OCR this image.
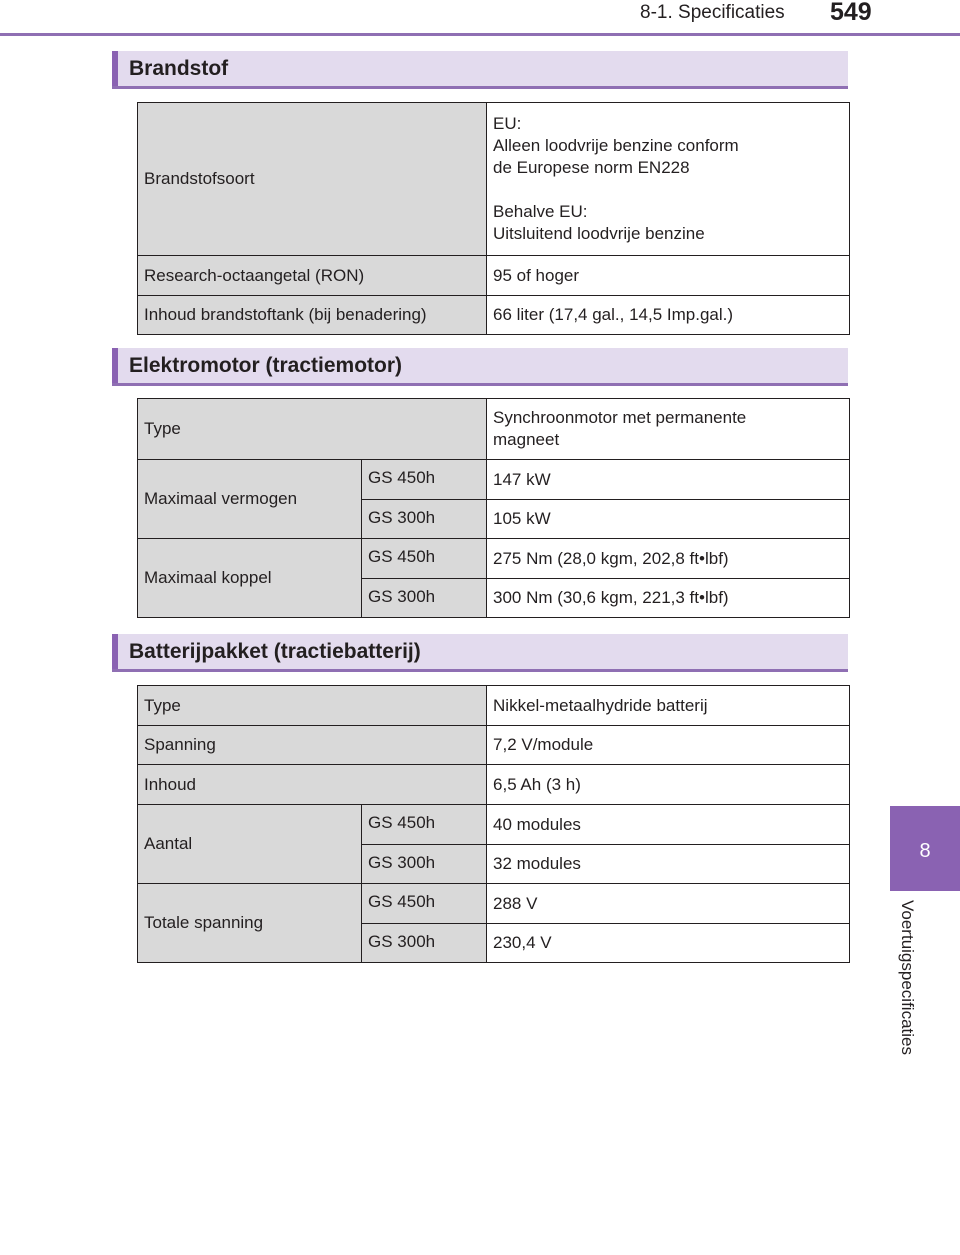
8-1. Specificaties 549
8
Voertuigspecificaties
Brandstof
Brandstofsoort	EU:
Alleen loodvrije benzine conform
de Europese norm EN228
Behalve EU:
Uitsluitend loodvrije benzine

Research-octaangetal (RON)	95 of hoger
Inhoud brandstoftank (bij benadering)	66 liter (17,4 gal., 14,5 Imp.gal.)
Elektromotor (tractiemotor)
Type		Synchroonmotor met permanente
magneet

Maximaal vermogen	GS 450h	147 kW
	GS 300h	105 kW
Maximaal koppel	GS 450h	275 Nm (28,0 kgm, 202,8 ft•lbf)
	GS 300h	300 Nm (30,6 kgm, 221,3 ft•lbf)
Batterijpakket (tractiebatterij)
Type		Nikkel-metaalhydride batterij
Spanning		7,2 V/module
Inhoud		6,5 Ah (3 h)
Aantal	GS 450h	40 modules
	GS 300h	32 modules
Totale spanning	GS 450h	288 V
	GS 300h	230,4 V
